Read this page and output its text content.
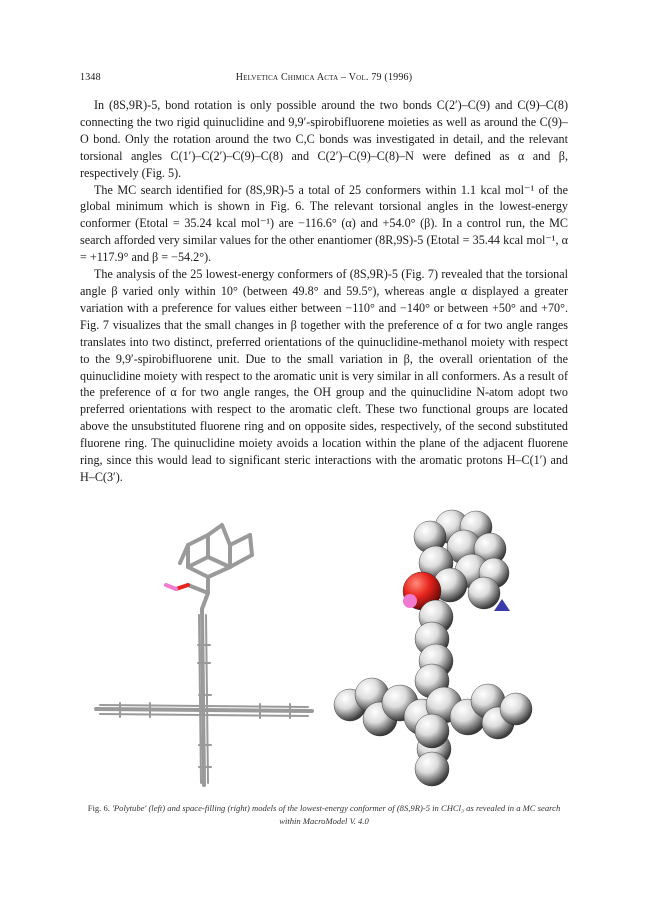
1348	Helvetica Chimica Acta – Vol. 79 (1996)

In (8S,9R)-5, bond rotation is only possible around the two bonds C(2′)–C(9) and C(9)–C(8) connecting the two rigid quinuclidine and 9,9′-spirobifluorene moieties as well as around the C(9)–O bond. Only the rotation around the two C,C bonds was investigated in detail, and the relevant torsional angles C(1′)–C(2′)–C(9)–C(8) and C(2′)–C(9)–C(8)–N were defined as α and β, respectively (Fig. 5).

The MC search identified for (8S,9R)-5 a total of 25 conformers within 1.1 kcal mol⁻¹ of the global minimum which is shown in Fig. 6. The relevant torsional angles in the lowest-energy conformer (Etotal = 35.24 kcal mol⁻¹) are −116.6° (α) and +54.0° (β). In a control run, the MC search afforded very similar values for the other enantiomer (8R,9S)-5 (Etotal = 35.44 kcal mol⁻¹, α = +117.9° and β = −54.2°).

The analysis of the 25 lowest-energy conformers of (8S,9R)-5 (Fig. 7) revealed that the torsional angle β varied only within 10° (between 49.8° and 59.5°), whereas angle α displayed a greater variation with a preference for values either between −110° and −140° or between +50° and +70°. Fig. 7 visualizes that the small changes in β together with the preference of α for two angle ranges translates into two distinct, preferred orientations of the quinuclidine-methanol moiety with respect to the 9,9′-spirobifluorene unit. Due to the small variation in β, the overall orientation of the quinuclidine moiety with respect to the aromatic unit is very similar in all conformers. As a result of the preference of α for two angle ranges, the OH group and the quinuclidine N-atom adopt two preferred orientations with respect to the aromatic cleft. These two functional groups are located above the unsubstituted fluorene ring and on opposite sides, respectively, of the second substituted fluorene ring. The quinuclidine moiety avoids a location within the plane of the adjacent fluorene ring, since this would lead to significant steric interactions with the aromatic protons H–C(1′) and H–C(3′).

Fig. 6. 'Polytube' (left) and space-filling (right) models of the lowest-energy conformer of (8S,9R)-5 in CHCl₃ as revealed in a MC search within MacroModel V. 4.0
